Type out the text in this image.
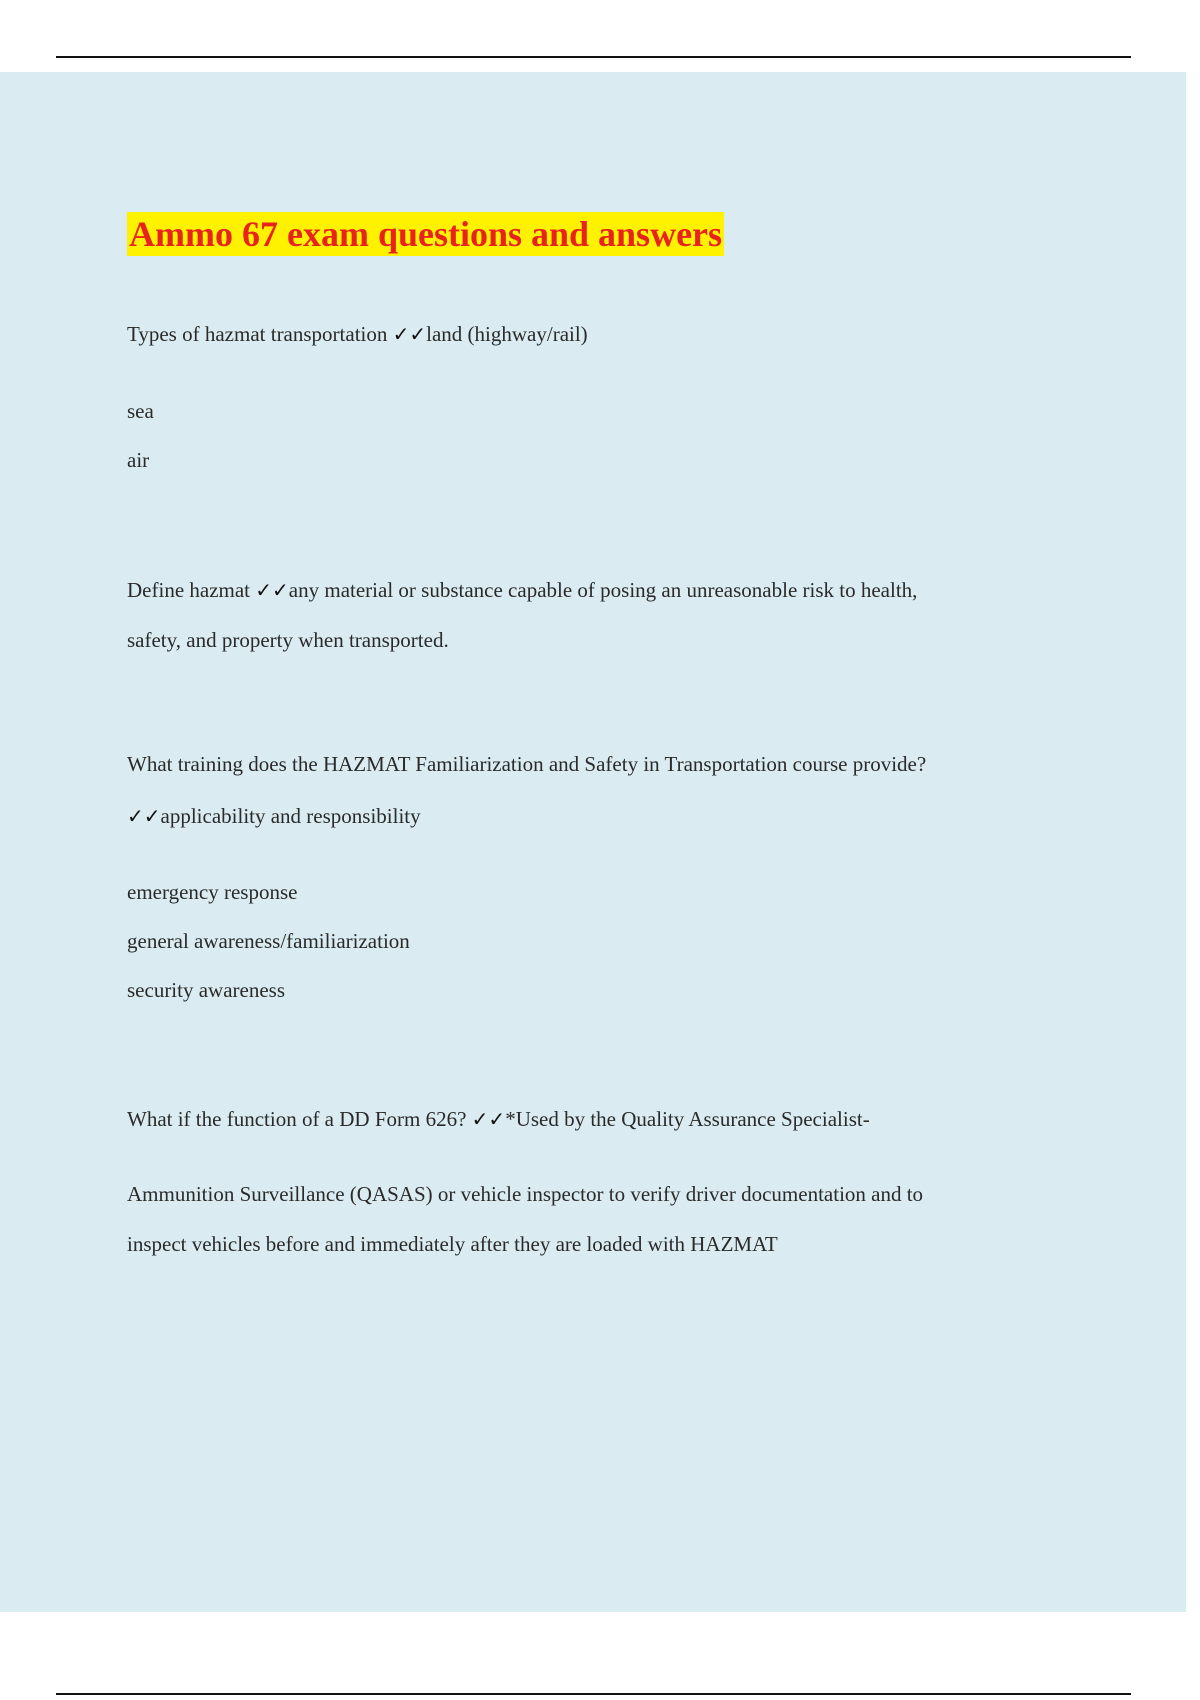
Ammo 67 exam questions and answers

Types of hazmat transportation ✓✓land (highway/rail)

sea

air

Define hazmat ✓✓any material or substance capable of posing an unreasonable risk to health,

safety, and property when transported.

What training does the HAZMAT Familiarization and Safety in Transportation course provide?

✓✓applicability and responsibility

emergency response

general awareness/familiarization

security awareness

What if the function of a DD Form 626? ✓✓*Used by the Quality Assurance Specialist-

Ammunition Surveillance (QASAS) or vehicle inspector to verify driver documentation and to

inspect vehicles before and immediately after they are loaded with HAZMAT
